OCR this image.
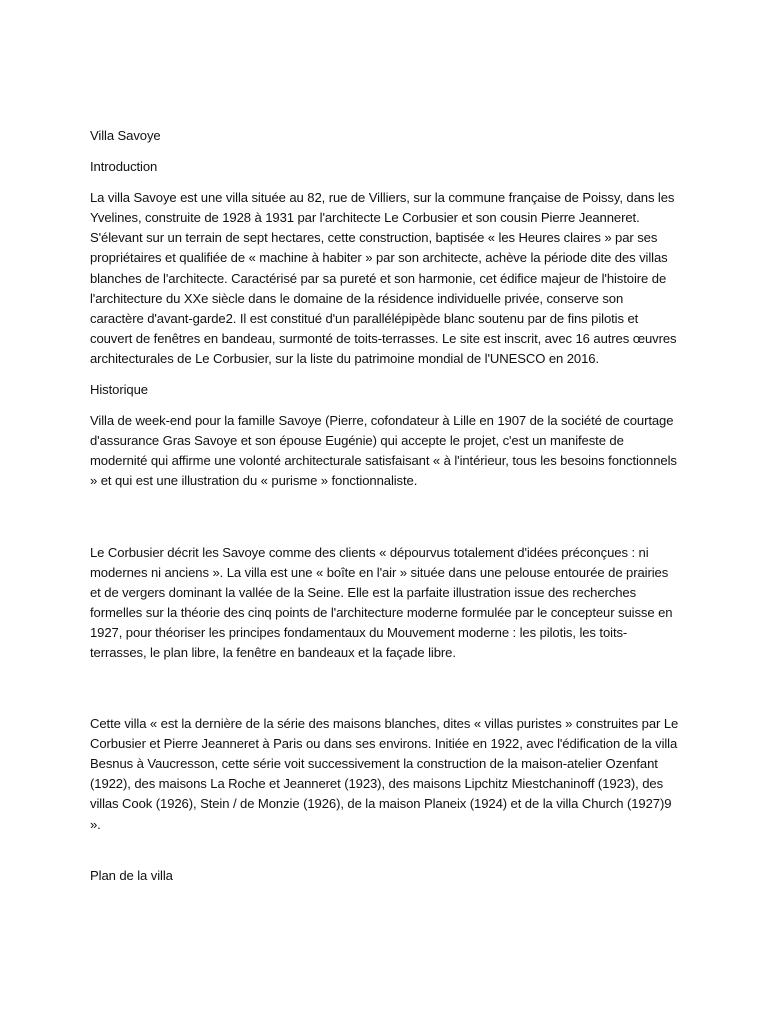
Villa Savoye

Introduction

La villa Savoye est une villa située au 82, rue de Villiers, sur la commune française de Poissy, dans les Yvelines, construite de 1928 à 1931 par l'architecte Le Corbusier et son cousin Pierre Jeanneret. S'élevant sur un terrain de sept hectares, cette construction, baptisée « les Heures claires » par ses propriétaires et qualifiée de « machine à habiter » par son architecte, achève la période dite des villas blanches de l'architecte. Caractérisé par sa pureté et son harmonie, cet édifice majeur de l'histoire de l'architecture du XXe siècle dans le domaine de la résidence individuelle privée, conserve son caractère d'avant-garde2. Il est constitué d'un parallélépipède blanc soutenu par de fins pilotis et couvert de fenêtres en bandeau, surmonté de toits-terrasses. Le site est inscrit, avec 16 autres œuvres architecturales de Le Corbusier, sur la liste du patrimoine mondial de l'UNESCO en 2016.

Historique

Villa de week-end pour la famille Savoye (Pierre, cofondateur à Lille en 1907 de la société de courtage d'assurance Gras Savoye et son épouse Eugénie) qui accepte le projet, c'est un manifeste de modernité qui affirme une volonté architecturale satisfaisant « à l'intérieur, tous les besoins fonctionnels » et qui est une illustration du « purisme » fonctionnaliste.

Le Corbusier décrit les Savoye comme des clients « dépourvus totalement d'idées préconçues : ni modernes ni anciens ». La villa est une « boîte en l'air » située dans une pelouse entourée de prairies et de vergers dominant la vallée de la Seine. Elle est la parfaite illustration issue des recherches formelles sur la théorie des cinq points de l'architecture moderne formulée par le concepteur suisse en 1927, pour théoriser les principes fondamentaux du Mouvement moderne : les pilotis, les toits-terrasses, le plan libre, la fenêtre en bandeaux et la façade libre.

Cette villa « est la dernière de la série des maisons blanches, dites « villas puristes » construites par Le Corbusier et Pierre Jeanneret à Paris ou dans ses environs. Initiée en 1922, avec l'édification de la villa Besnus à Vaucresson, cette série voit successivement la construction de la maison-atelier Ozenfant (1922), des maisons La Roche et Jeanneret (1923), des maisons Lipchitz Miestchaninoff (1923), des villas Cook (1926), Stein / de Monzie (1926), de la maison Planeix (1924) et de la villa Church (1927)9 ».

Plan de la villa
